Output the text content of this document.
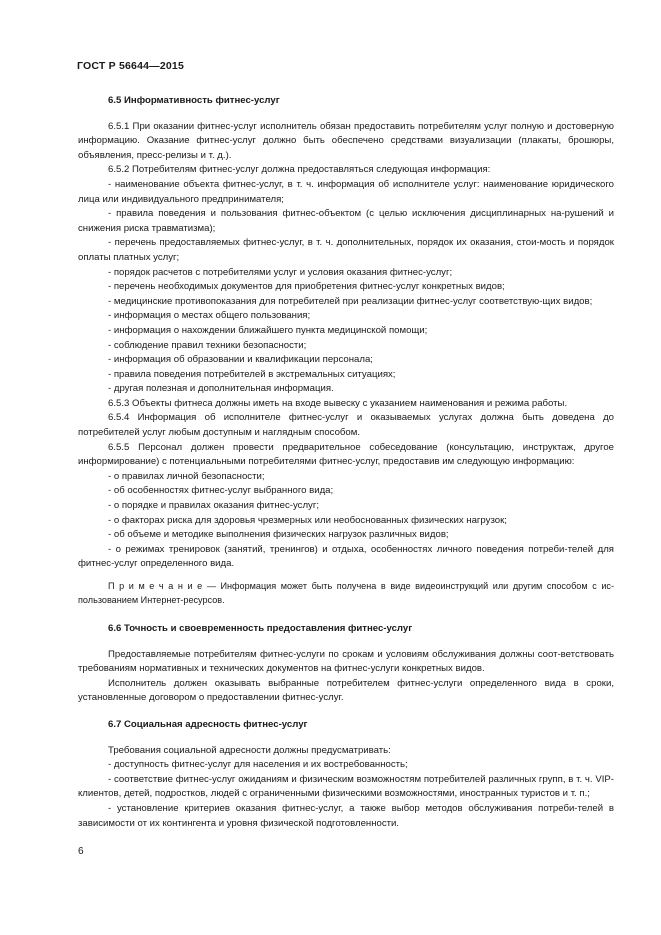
ГОСТ Р 56644—2015
6.5 Информативность фитнес-услуг

6.5.1 При оказании фитнес-услуг исполнитель обязан предоставить потребителям услуг полную и достоверную информацию. Оказание фитнес-услуг должно быть обеспечено средствами визуализации (плакаты, брошюры, объявления, пресс-релизы и т. д.).

6.5.2 Потребителям фитнес-услуг должна предоставляться следующая информация:

- наименование объекта фитнес-услуг, в т. ч. информация об исполнителе услуг: наименование юридического лица или индивидуального предпринимателя;

- правила поведения и пользования фитнес-объектом (с целью исключения дисциплинарных на-рушений и снижения риска травматизма);

- перечень предоставляемых фитнес-услуг, в т. ч. дополнительных, порядок их оказания, стои-мость и порядок оплаты платных услуг;

- порядок расчетов с потребителями услуг и условия оказания фитнес-услуг;

- перечень необходимых документов для приобретения фитнес-услуг конкретных видов;

- медицинские противопоказания для потребителей при реализации фитнес-услуг соответствую-щих видов;

- информация о местах общего пользования;

- информация о нахождении ближайшего пункта медицинской помощи;

- соблюдение правил техники безопасности;

- информация об образовании и квалификации персонала;

- правила поведения потребителей в экстремальных ситуациях;

- другая полезная и дополнительная информация.

6.5.3 Объекты фитнеса должны иметь на входе вывеску с указанием наименования и режима работы.

6.5.4 Информация об исполнителе фитнес-услуг и оказываемых услугах должна быть доведена до потребителей услуг любым доступным и наглядным способом.

6.5.5 Персонал должен провести предварительное собеседование (консультацию, инструктаж, другое информирование) с потенциальными потребителями фитнес-услуг, предоставив им следующую информацию:

- о правилах личной безопасности;

- об особенностях фитнес-услуг выбранного вида;

- о порядке и правилах оказания фитнес-услуг;

- о факторах риска для здоровья чрезмерных или необоснованных физических нагрузок;

- об объеме и методике выполнения физических нагрузок различных видов;

- о режимах тренировок (занятий, тренингов) и отдыха, особенностях личного поведения потреби-телей для фитнес-услуг определенного вида.

П р и м е ч а н и е — Информация может быть получена в виде видеоинструкций или другим способом с ис-пользованием Интернет-ресурсов.

6.6 Точность и своевременность предоставления фитнес-услуг

Предоставляемые потребителям фитнес-услуги по срокам и условиям обслуживания должны соот-ветствовать требованиям нормативных и технических документов на фитнес-услуги конкретных видов.

Исполнитель должен оказывать выбранные потребителем фитнес-услуги определенного вида в сроки, установленные договором о предоставлении фитнес-услуг.

6.7 Социальная адресность фитнес-услуг

Требования социальной адресности должны предусматривать:

- доступность фитнес-услуг для населения и их востребованность;

- соответствие фитнес-услуг ожиданиям и физическим возможностям потребителей различных групп, в т. ч. VIP-клиентов, детей, подростков, людей с ограниченными физическими возможностями, иностранных туристов и т. п.;

- установление критериев оказания фитнес-услуг, а также выбор методов обслуживания потреби-телей в зависимости от их контингента и уровня физической подготовленности.

6
